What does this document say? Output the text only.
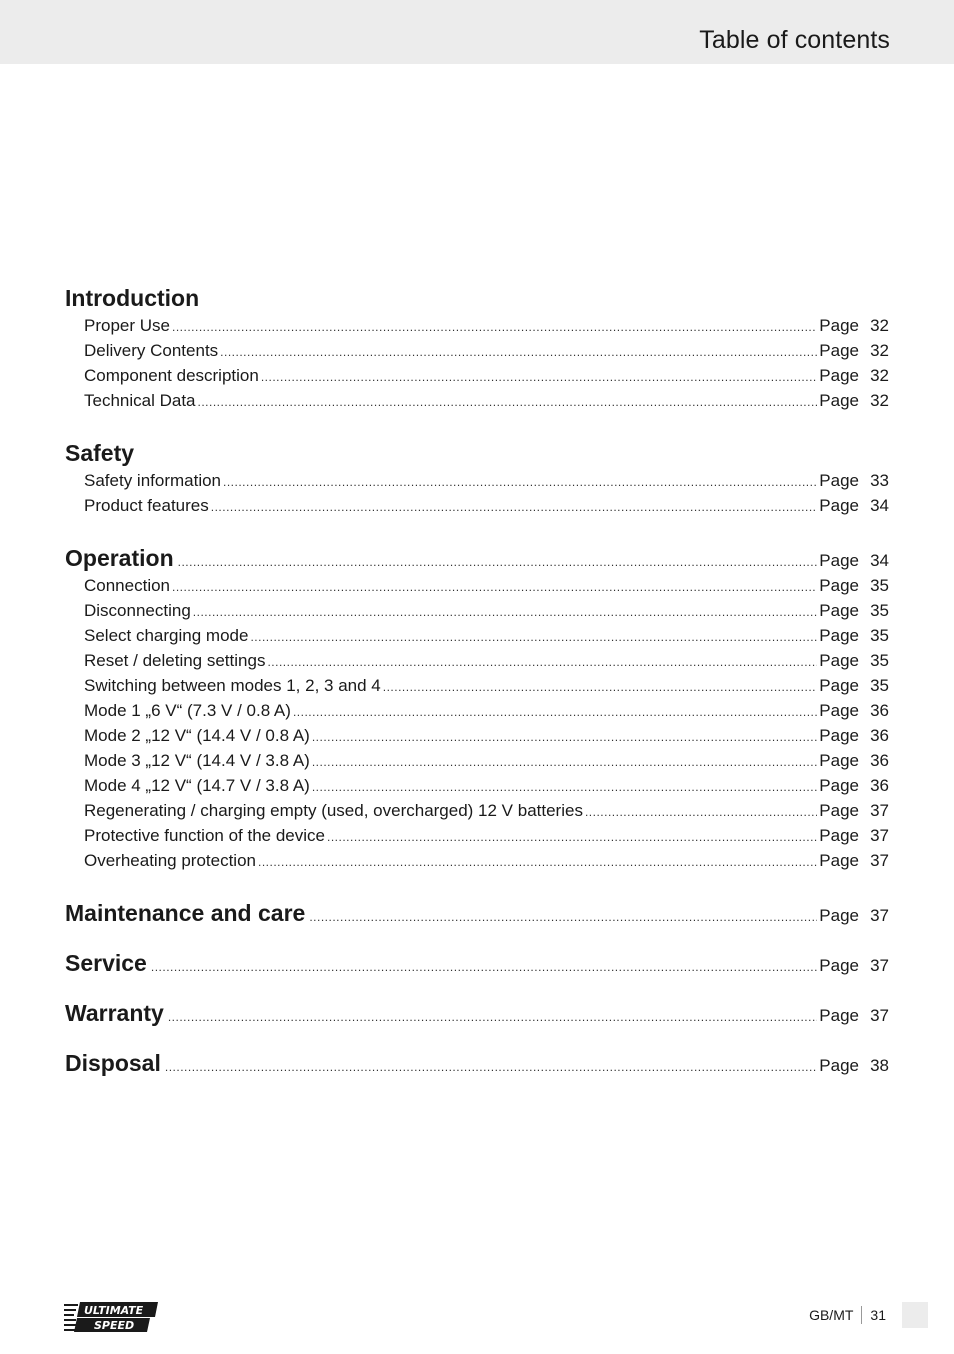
Table of contents
Introduction
Proper Use .....	Page 32
Delivery Contents .....	Page 32
Component description .....	Page 32
Technical Data .....	Page 32
Safety
Safety information .....	Page 33
Product features .....	Page 34
Operation .....	Page 34
Connection .....	Page 35
Disconnecting .....	Page 35
Select charging mode .....	Page 35
Reset / deleting settings .....	Page 35
Switching between modes 1, 2, 3 and 4 .....	Page 35
Mode 1 „6 V“ (7.3 V / 0.8 A) .....	Page 36
Mode 2 „12 V“ (14.4 V / 0.8 A) .....	Page 36
Mode 3 „12 V“ (14.4 V / 3.8 A) .....	Page 36
Mode 4 „12 V“ (14.7 V / 3.8 A) .....	Page 36
Regenerating / charging empty (used, overcharged) 12 V batteries .....	Page 37
Protective function of the device .....	Page 37
Overheating protection .....	Page 37
Maintenance and care .....	Page 37
Service .....	Page 37
Warranty .....	Page 37
Disposal .....	Page 38
ULTIMATE
SPEED
GB/MT 31
